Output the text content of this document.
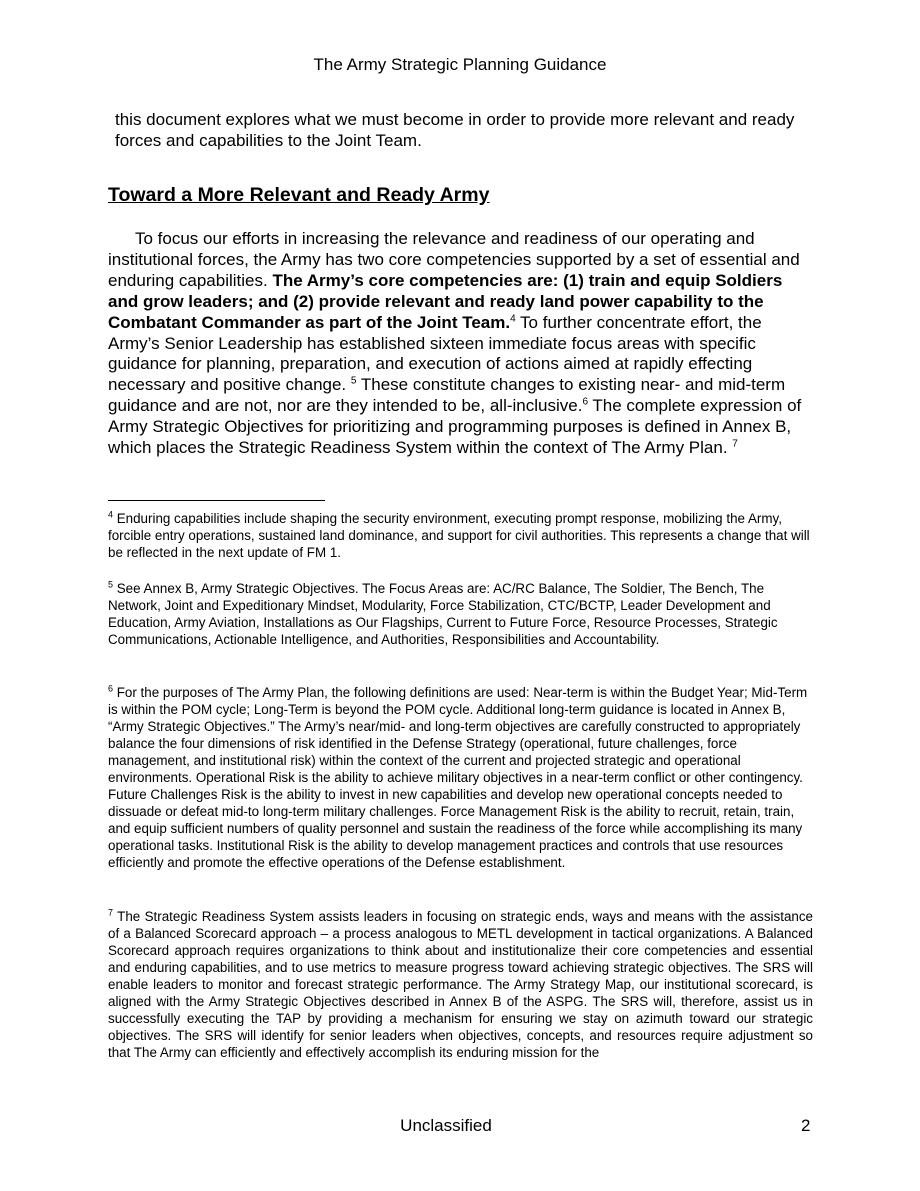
The Army Strategic Planning Guidance
this document explores what we must become in order to provide more relevant and ready forces and capabilities to the Joint Team.
Toward a More Relevant and Ready Army
To focus our efforts in increasing the relevance and readiness of our operating and institutional forces, the Army has two core competencies supported by a set of essential and enduring capabilities. The Army’s core competencies are: (1) train and equip Soldiers and grow leaders; and (2) provide relevant and ready land power capability to the Combatant Commander as part of the Joint Team.$^4$ To further concentrate effort, the Army’s Senior Leadership has established sixteen immediate focus areas with specific guidance for planning, preparation, and execution of actions aimed at rapidly effecting necessary and positive change. $^5$ These constitute changes to existing near- and mid-term guidance and are not, nor are they intended to be, all-inclusive.$^6$ The complete expression of Army Strategic Objectives for prioritizing and programming purposes is defined in Annex B, which places the Strategic Readiness System within the context of The Army Plan. $^7$
$^4$ Enduring capabilities include shaping the security environment, executing prompt response, mobilizing the Army, forcible entry operations, sustained land dominance, and support for civil authorities. This represents a change that will be reflected in the next update of FM 1.
$^5$ See Annex B, Army Strategic Objectives. The Focus Areas are: AC/RC Balance, The Soldier, The Bench, The Network, Joint and Expeditionary Mindset, Modularity, Force Stabilization, CTC/BCTP, Leader Development and Education, Army Aviation, Installations as Our Flagships, Current to Future Force, Resource Processes, Strategic Communications, Actionable Intelligence, and Authorities, Responsibilities and Accountability.
$^6$ For the purposes of The Army Plan, the following definitions are used: Near-term is within the Budget Year; Mid-Term is within the POM cycle; Long-Term is beyond the POM cycle. Additional long-term guidance is located in Annex B, “Army Strategic Objectives.” The Army’s near/mid- and long-term objectives are carefully constructed to appropriately balance the four dimensions of risk identified in the Defense Strategy (operational, future challenges, force management, and institutional risk) within the context of the current and projected strategic and operational environments. Operational Risk is the ability to achieve military objectives in a near-term conflict or other contingency. Future Challenges Risk is the ability to invest in new capabilities and develop new operational concepts needed to dissuade or defeat mid-to long-term military challenges. Force Management Risk is the ability to recruit, retain, train, and equip sufficient numbers of quality personnel and sustain the readiness of the force while accomplishing its many operational tasks. Institutional Risk is the ability to develop management practices and controls that use resources efficiently and promote the effective operations of the Defense establishment.
$^7$ The Strategic Readiness System assists leaders in focusing on strategic ends, ways and means with the assistance of a Balanced Scorecard approach – a process analogous to METL development in tactical organizations. A Balanced Scorecard approach requires organizations to think about and institutionalize their core competencies and essential and enduring capabilities, and to use metrics to measure progress toward achieving strategic objectives. The SRS will enable leaders to monitor and forecast strategic performance. The Army Strategy Map, our institutional scorecard, is aligned with the Army Strategic Objectives described in Annex B of the ASPG. The SRS will, therefore, assist us in successfully executing the TAP by providing a mechanism for ensuring we stay on azimuth toward our strategic objectives. The SRS will identify for senior leaders when objectives, concepts, and resources require adjustment so that The Army can efficiently and effectively accomplish its enduring mission for the
Unclassified	2
